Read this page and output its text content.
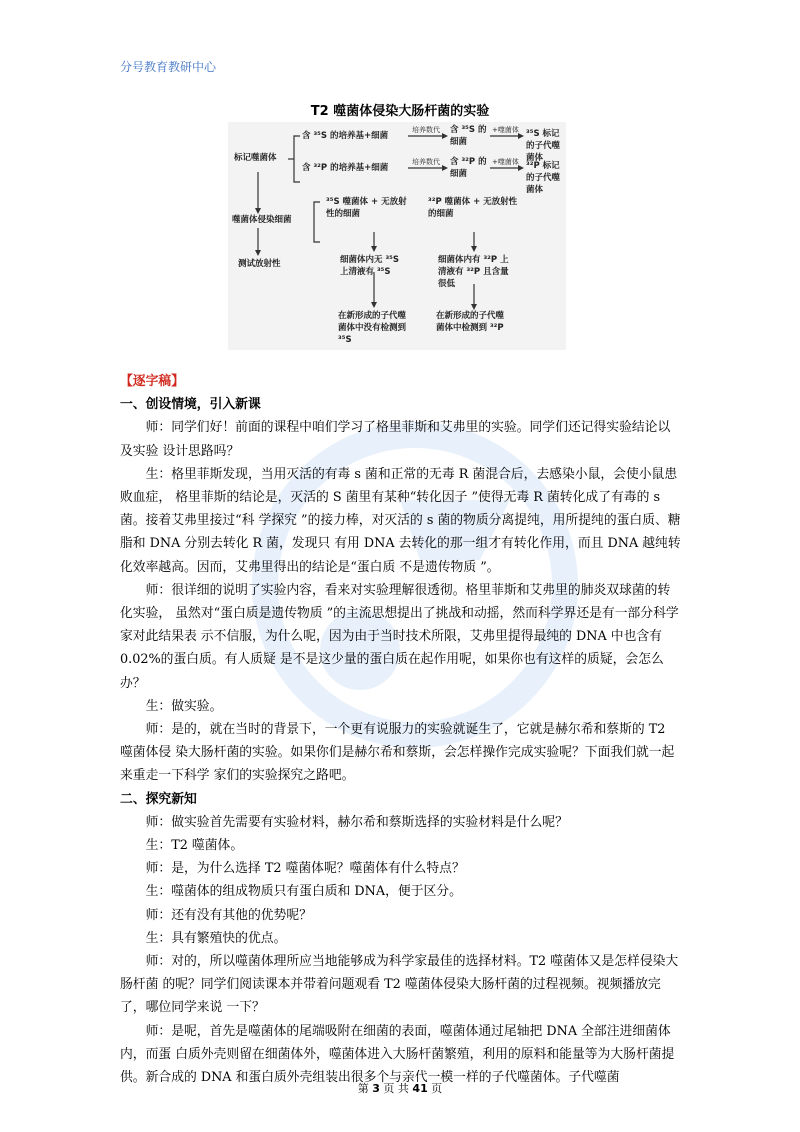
分号教育教研中心
T2 噬菌体侵染大肠杆菌的实验
标记噬菌体
噬菌体侵染细菌
测试放射性
含 ³⁵S 的培养基+细菌
培养数代 含 ³⁵S 的细菌
+噬菌体 ³⁵S 标记的子代噬菌体
含 ³²P 的培养基+细菌
培养数代 含 ³²P 的细菌
+噬菌体 ³²P 标记的子代噬菌体
³⁵S 噬菌体 + 无放射性的细菌
³²P 噬菌体 + 无放射性的细菌
细菌体内无 ³⁵S 上清液有 ³⁵S
细菌体内有 ³²P 上清液有 ³²P 且含量很低
在新形成的子代噬菌体中没有检测到 ³⁵S
在新形成的子代噬菌体中检测到 ³²P

【逐字稿】

一、创设情境，引入新课

师：同学们好！前面的课程中咱们学习了格里菲斯和艾弗里的实验。同学们还记得实验结论以及实验 设计思路吗？

生：格里菲斯发现，当用灭活的有毒 s 菌和正常的无毒 R 菌混合后，去感染小鼠，会使小鼠患败血症， 格里菲斯的结论是，灭活的 S 菌里有某种“转化因子 ”使得无毒 R 菌转化成了有毒的 s 菌。接着艾弗里接过“科 学探究 ”的接力棒，对灭活的 s 菌的物质分离提纯，用所提纯的蛋白质、糖脂和 DNA 分别去转化 R 菌，发现只 有用 DNA 去转化的那一组才有转化作用，而且 DNA 越纯转化效率越高。因而，艾弗里得出的结论是“蛋白质 不是遗传物质 ”。

师：很详细的说明了实验内容，看来对实验理解很透彻。格里菲斯和艾弗里的肺炎双球菌的转化实验， 虽然对“蛋白质是遗传物质 ”的主流思想提出了挑战和动摇，然而科学界还是有一部分科学家对此结果表 示不信服，为什么呢，因为由于当时技术所限，艾弗里提得最纯的 DNA 中也含有 0.02%的蛋白质。有人质疑 是不是这少量的蛋白质在起作用呢，如果你也有这样的质疑，会怎么办？

生：做实验。

师：是的，就在当时的背景下，一个更有说服力的实验就诞生了，它就是赫尔希和蔡斯的 T2 噬菌体侵 染大肠杆菌的实验。如果你们是赫尔希和蔡斯，会怎样操作完成实验呢？下面我们就一起来重走一下科学 家们的实验探究之路吧。

二、探究新知

师：做实验首先需要有实验材料，赫尔希和蔡斯选择的实验材料是什么呢？

生：T2 噬菌体。

师：是，为什么选择 T2 噬菌体呢？噬菌体有什么特点？

生：噬菌体的组成物质只有蛋白质和 DNA，便于区分。

师：还有没有其他的优势呢？

生：具有繁殖快的优点。

师：对的，所以噬菌体理所应当地能够成为科学家最佳的选择材料。T2 噬菌体又是怎样侵染大肠杆菌 的呢？同学们阅读课本并带着问题观看 T2 噬菌体侵染大肠杆菌的过程视频。视频播放完了，哪位同学来说 一下？

师：是呢，首先是噬菌体的尾端吸附在细菌的表面，噬菌体通过尾轴把 DNA 全部注进细菌体内，而蛋 白质外壳则留在细菌体外，噬菌体进入大肠杆菌繁殖，利用的原料和能量等为大肠杆菌提供。新合成的 DNA 和蛋白质外壳组装出很多个与亲代一模一样的子代噬菌体。子代噬菌

第 3 页 共 41 页
